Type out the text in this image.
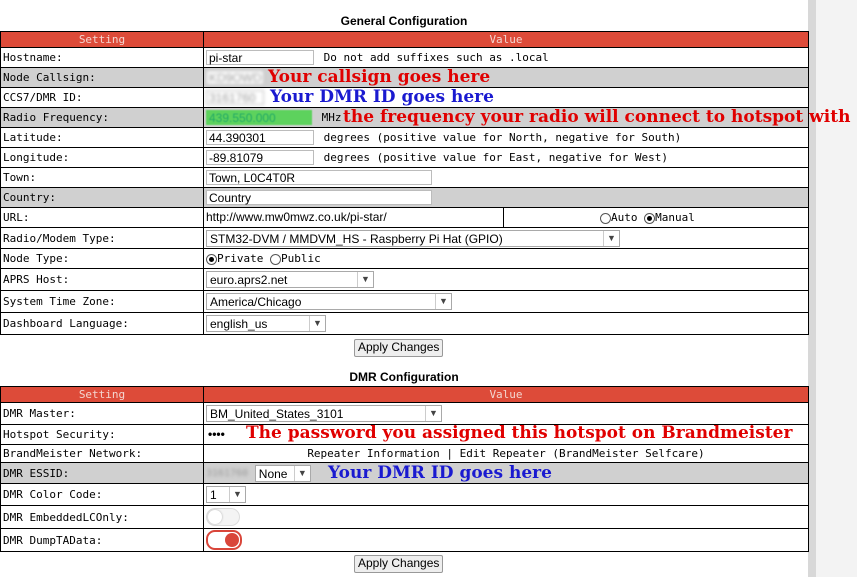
General Configuration
Setting	Value	
Hostname:	pi-star Do not add suffixes such as .local	
Node Callsign:	KD9OWD	
CCS7/DMR ID:	3161760	
Radio Frequency:	439.550.000 MHz	
Latitude:	44.390301 degrees (positive value for North, negative for South)	
Longitude:	-89.81079 degrees (positive value for East, negative for West)	
Town:	Town, L0C4T0R	
Country:	Country	
URL:	http://www.mw0mwz.co.uk/pi-star/	Auto Manual
Radio/Modem Type:	STM32-DVM / MMDVM_HS - Raspberry Pi Hat (GPIO) ▼	

Node Type:	Private Public	
APRS Host:	euro.aprs2.net ▼	

System Time Zone:	America/Chicago ▼	

Dashboard Language:	english_us ▼	
Apply Changes
DMR Configuration
Setting	Value
DMR Master:	BM_United_States_3101 ▼

Hotspot Security:	••••
BrandMeister Network:	Repeater Information | Edit Repeater (BrandMeister Selfcare)
DMR ESSID:	3161760 None ▼

DMR Color Code:	1 ▼

DMR EmbeddedLCOnly:	
DMR DumpTAData:	
Apply Changes
Your callsign goes here
Your DMR ID goes here
the frequency your radio will connect to hotspot with
The password you assigned this hotspot on Brandmeister
Your DMR ID goes here
